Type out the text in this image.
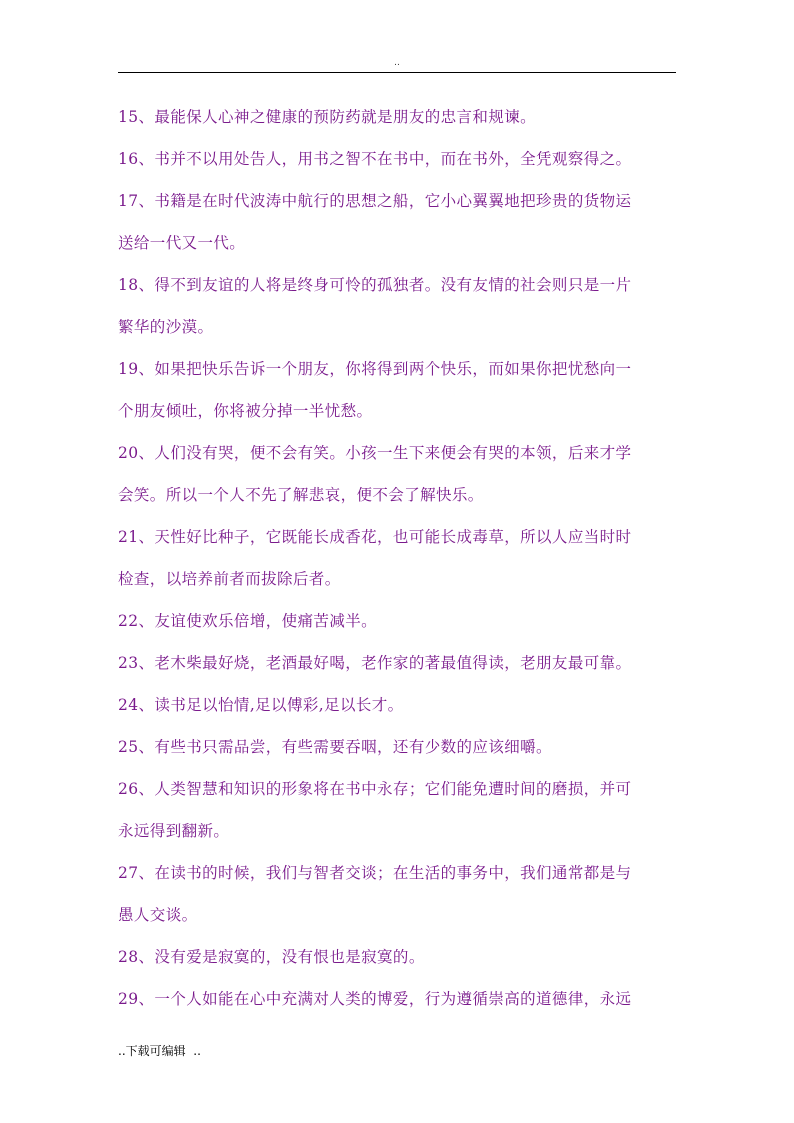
..
15、最能保人心神之健康的预防药就是朋友的忠言和规谏。
16、书并不以用处告人，用书之智不在书中，而在书外，全凭观察得之。
17、书籍是在时代波涛中航行的思想之船，它小心翼翼地把珍贵的货物运
送给一代又一代。
18、得不到友谊的人将是终身可怜的孤独者。没有友情的社会则只是一片
繁华的沙漠。
19、如果把快乐告诉一个朋友，你将得到两个快乐，而如果你把忧愁向一
个朋友倾吐，你将被分掉一半忧愁。
20、人们没有哭，便不会有笑。小孩一生下来便会有哭的本领，后来才学
会笑。所以一个人不先了解悲哀，便不会了解快乐。
21、天性好比种子，它既能长成香花，也可能长成毒草，所以人应当时时
检查，以培养前者而拔除后者。
22、友谊使欢乐倍增，使痛苦减半。
23、老木柴最好烧，老酒最好喝，老作家的著最值得读，老朋友最可靠。
24、读书足以怡情,足以傅彩,足以长才。
25、有些书只需品尝，有些需要吞咽，还有少数的应该细嚼。
26、人类智慧和知识的形象将在书中永存；它们能免遭时间的磨损，并可
永远得到翻新。
27、在读书的时候，我们与智者交谈；在生活的事务中，我们通常都是与
愚人交谈。
28、没有爱是寂寞的，没有恨也是寂寞的。
29、一个人如能在心中充满对人类的博爱，行为遵循崇高的道德律，永远
..下载可编辑  ..
